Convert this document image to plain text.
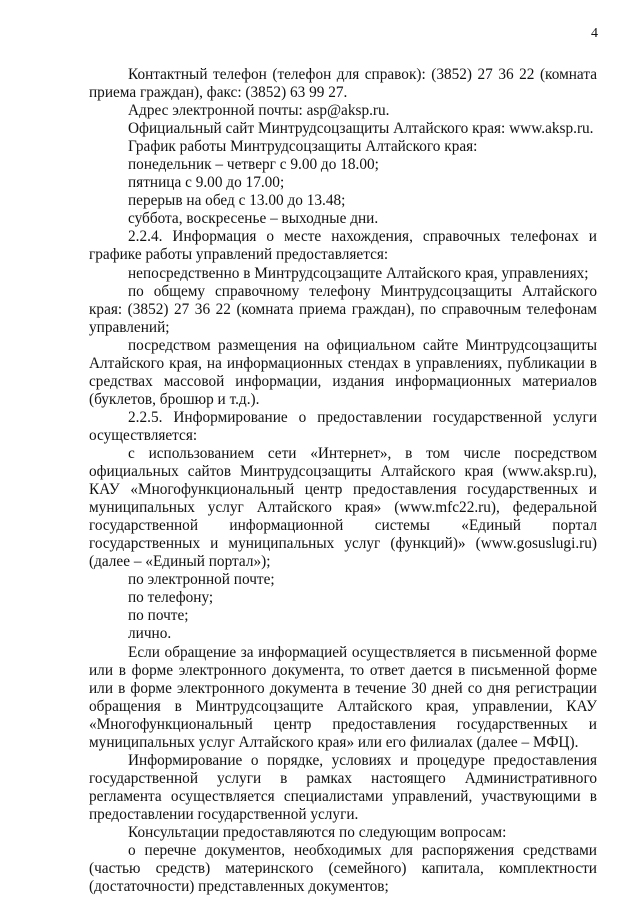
4

Контактный телефон (телефон для справок): (3852) 27 36 22 (комната приема граждан), факс: (3852) 63 99 27.

Адрес электронной почты: asp@aksp.ru.

Официальный сайт Минтрудсоцзащиты Алтайского края: www.aksp.ru.

График работы Минтрудсоцзащиты Алтайского края:

понедельник – четверг с 9.00 до 18.00;

пятница с 9.00 до 17.00;

перерыв на обед с 13.00 до 13.48;

суббота, воскресенье – выходные дни.

2.2.4. Информация о месте нахождения, справочных телефонах и графике работы управлений предоставляется:

непосредственно в Минтрудсоцзащите Алтайского края, управлениях;

по общему справочному телефону Минтрудсоцзащиты Алтайского края: (3852) 27 36 22 (комната приема граждан), по справочным телефонам управлений;

посредством размещения на официальном сайте Минтрудсоцзащиты Алтайского края, на информационных стендах в управлениях, публикации в средствах массовой информации, издания информационных материалов (буклетов, брошюр и т.д.).

2.2.5. Информирование о предоставлении государственной услуги осуществляется:

с использованием сети «Интернет», в том числе посредством официальных сайтов Минтрудсоцзащиты Алтайского края (www.aksp.ru), КАУ «Многофункциональный центр предоставления государственных и муниципальных услуг Алтайского края» (www.mfc22.ru), федеральной государственной информационной системы «Единый портал государственных и муниципальных услуг (функций)» (www.gosuslugi.ru) (далее – «Единый портал»);

по электронной почте;

по телефону;

по почте;

лично.

Если обращение за информацией осуществляется в письменной форме или в форме электронного документа, то ответ дается в письменной форме или в форме электронного документа в течение 30 дней со дня регистрации обращения в Минтрудсоцзащите Алтайского края, управлении, КАУ «Многофункциональный центр предоставления государственных и муниципальных услуг Алтайского края» или его филиалах (далее – МФЦ).

Информирование о порядке, условиях и процедуре предоставления государственной услуги в рамках настоящего Административного регламента осуществляется специалистами управлений, участвующими в предоставлении государственной услуги.

Консультации предоставляются по следующим вопросам:

о перечне документов, необходимых для распоряжения средствами (частью средств) материнского (семейного) капитала, комплектности (достаточности) представленных документов;
